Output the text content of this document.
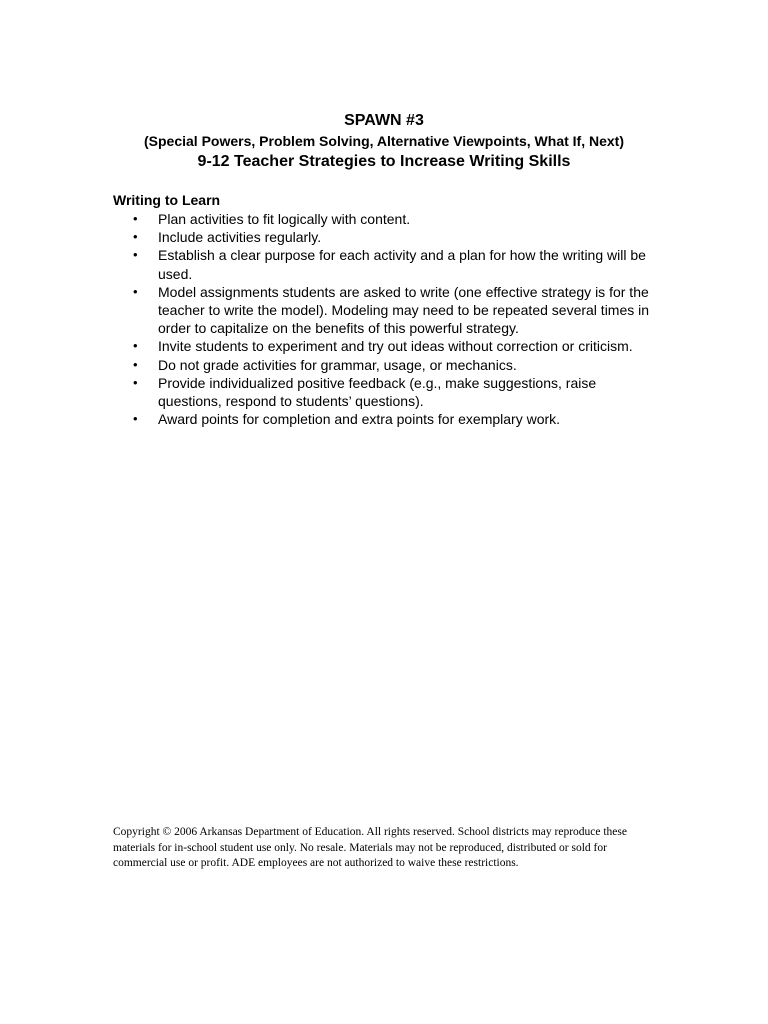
SPAWN #3

(Special Powers, Problem Solving, Alternative Viewpoints, What If, Next)

9-12 Teacher Strategies to Increase Writing Skills

Writing to Learn

• Plan activities to fit logically with content.
• Include activities regularly.
• Establish a clear purpose for each activity and a plan for how the writing will be used.
• Model assignments students are asked to write (one effective strategy is for the teacher to write the model). Modeling may need to be repeated several times in order to capitalize on the benefits of this powerful strategy.
• Invite students to experiment and try out ideas without correction or criticism.
• Do not grade activities for grammar, usage, or mechanics.
• Provide individualized positive feedback (e.g., make suggestions, raise questions, respond to students’ questions).
• Award points for completion and extra points for exemplary work.

Copyright © 2006 Arkansas Department of Education. All rights reserved. School districts may reproduce these materials for in-school student use only. No resale. Materials may not be reproduced, distributed or sold for commercial use or profit. ADE employees are not authorized to waive these restrictions.
